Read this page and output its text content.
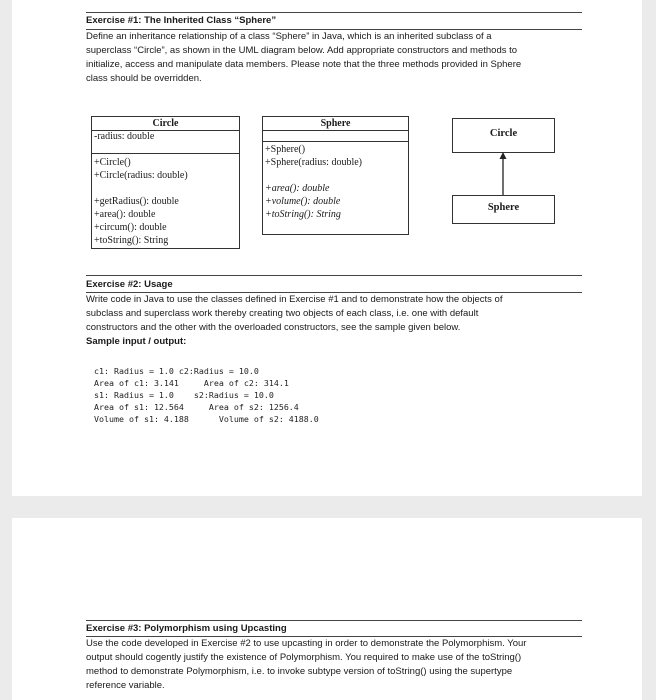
Exercise #1: The Inherited Class “Sphere”
Define an inheritance relationship of a class “Sphere” in Java, which is an inherited subclass of a
superclass “Circle”, as shown in the UML diagram below. Add appropriate constructors and methods to
initialize, access and manipulate data members. Please note that the three methods provided in Sphere
class should be overridden.
Circle
-radius: double
+Circle()
+Circle(radius: double)
+getRadius(): double
+area(): double
+circum(): double
+toString(): String
Sphere
+Sphere()
+Sphere(radius: double)
+area(): double
+volume(): double
+toString(): String
Circle
Sphere
Exercise #2: Usage
Write code in Java to use the classes defined in Exercise #1 and to demonstrate how the objects of
subclass and superclass work thereby creating two objects of each class, i.e. one with default
constructors and the other with the overloaded constructors, see the sample given below.
Sample input / output:
c1: Radius = 1.0 c2:Radius = 10.0
Area of c1: 3.141     Area of c2: 314.1
s1: Radius = 1.0    s2:Radius = 10.0
Area of s1: 12.564     Area of s2: 1256.4
Volume of s1: 4.188      Volume of s2: 4188.0
Exercise #3: Polymorphism using Upcasting
Use the code developed in Exercise #2 to use upcasting in order to demonstrate the Polymorphism. Your
output should cogently justify the existence of Polymorphism. You required to make use of the toString()
method to demonstrate Polymorphism, i.e. to invoke subtype version of toString() using the supertype
reference variable.
